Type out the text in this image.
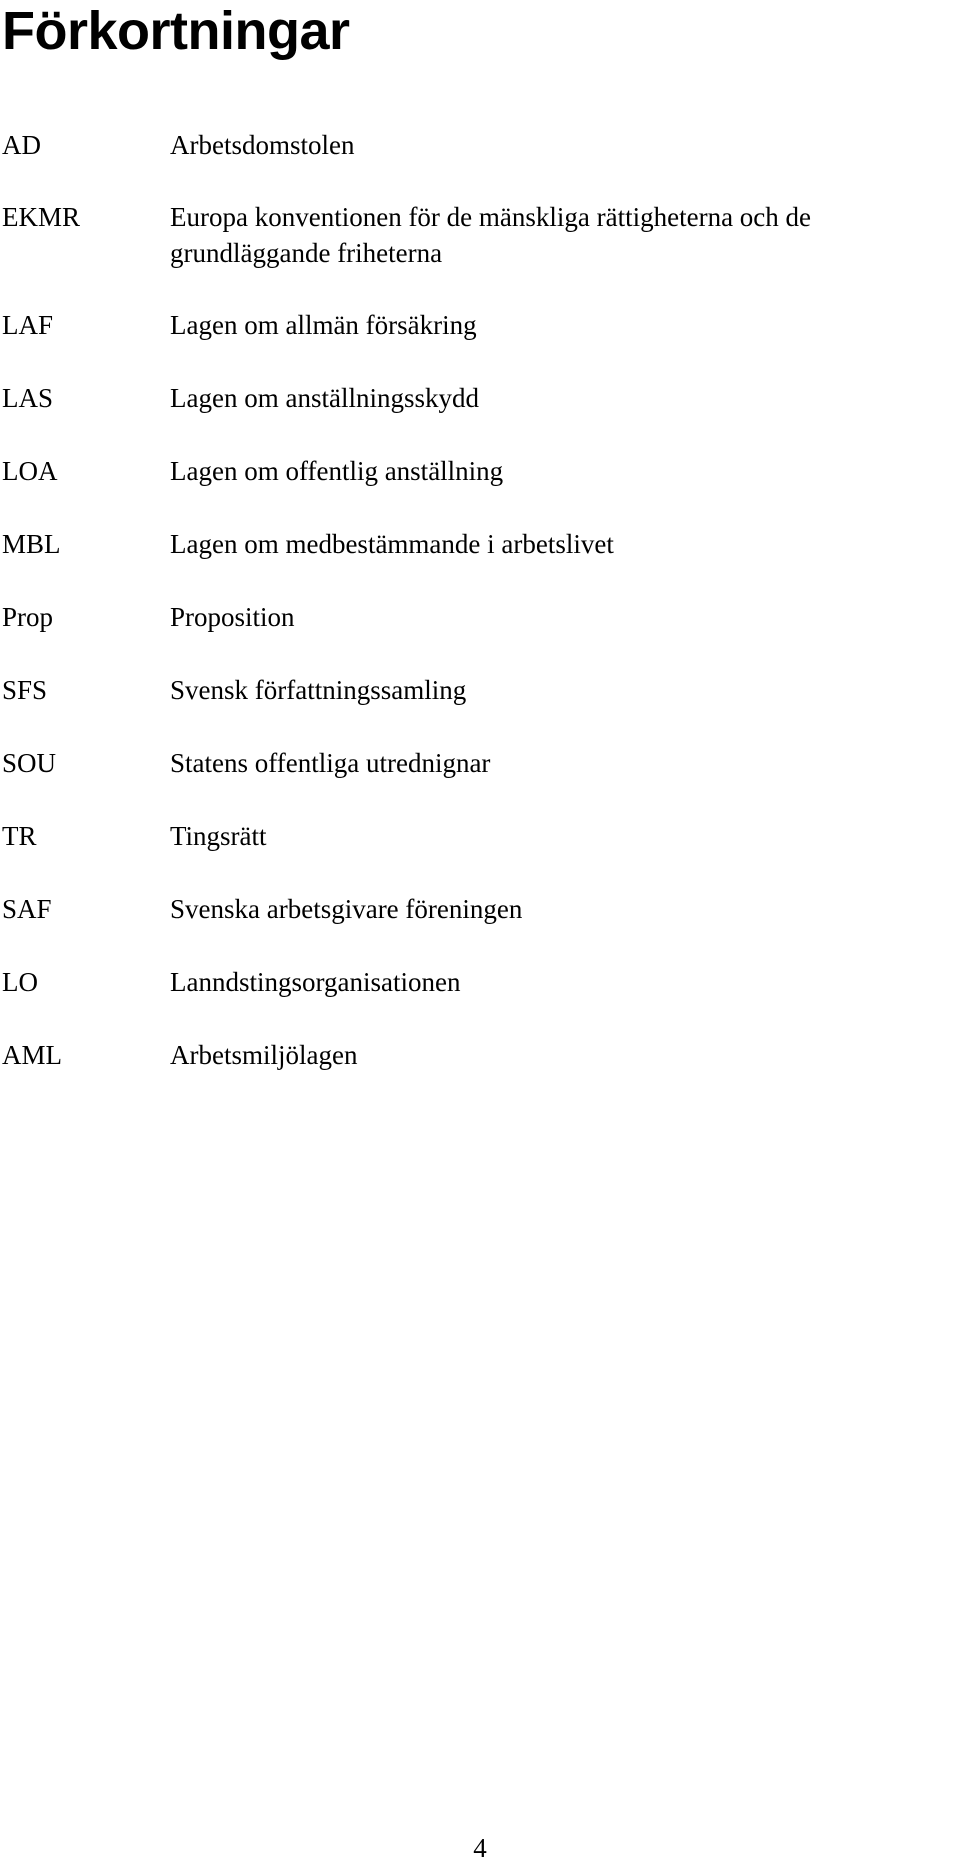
Förkortningar
AD	Arbetsdomstolen
EKMR	Europa konventionen för de mänskliga rättigheterna och de grundläggande friheterna
LAF	Lagen om allmän försäkring
LAS	Lagen om anställningsskydd
LOA	Lagen om offentlig anställning
MBL	Lagen om medbestämmande i arbetslivet
Prop	Proposition
SFS	Svensk författningssamling
SOU	Statens offentliga utrednignar
TR	Tingsrätt
SAF	Svenska arbetsgivare föreningen
LO	Lanndstingsorganisationen
AML	Arbetsmiljölagen
4
